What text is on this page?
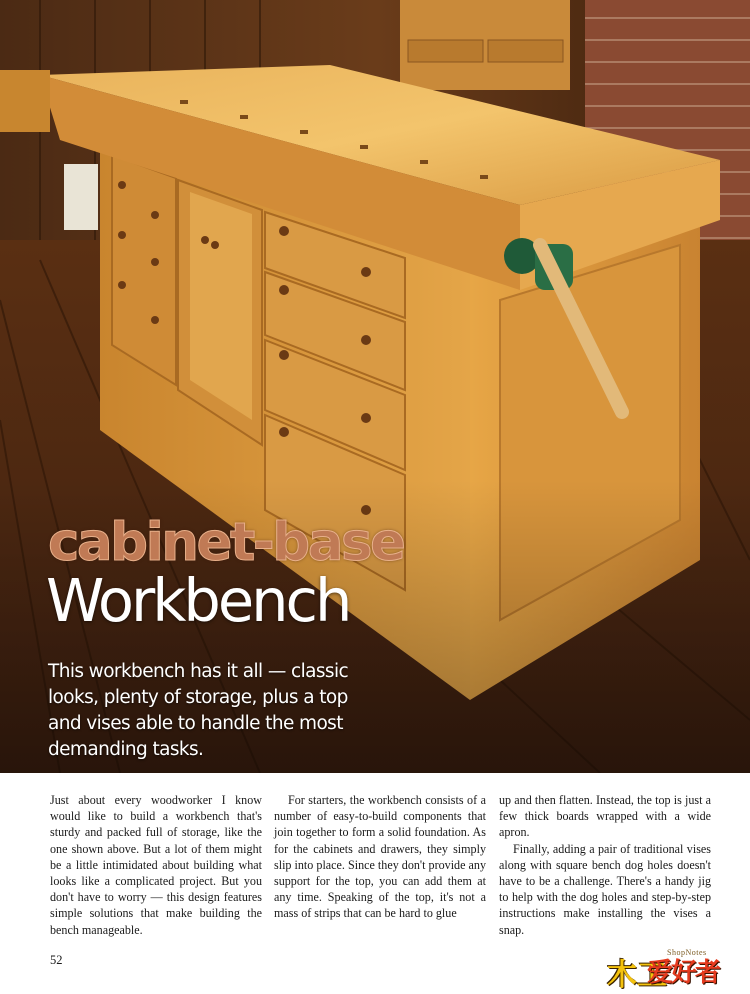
cabinet-base
Workbench
This workbench has it all — classic looks, plenty of storage, plus a top and vises able to handle the most demanding tasks.

Just about every woodworker I know would like to build a workbench that's sturdy and packed full of storage, like the one shown above. But a lot of them might be a little intimidated about building what looks like a complicated project. But you don't have to worry — this design features simple solutions that make building the bench manageable.

For starters, the workbench consists of a number of easy-to-build components that join together to form a solid foundation. As for the cabinets and drawers, they simply slip into place. Since they don't provide any support for the top, you can add them at any time. Speaking of the top, it's not a mass of strips that can be hard to glue

up and then flatten. Instead, the top is just a few thick boards wrapped with a wide apron.

Finally, adding a pair of traditional vises along with square bench dog holes doesn't have to be a challenge. There's a handy jig to help with the dog holes and step-by-step instructions make installing the vises a snap.

52
ShopNotes
木工
爱好者
